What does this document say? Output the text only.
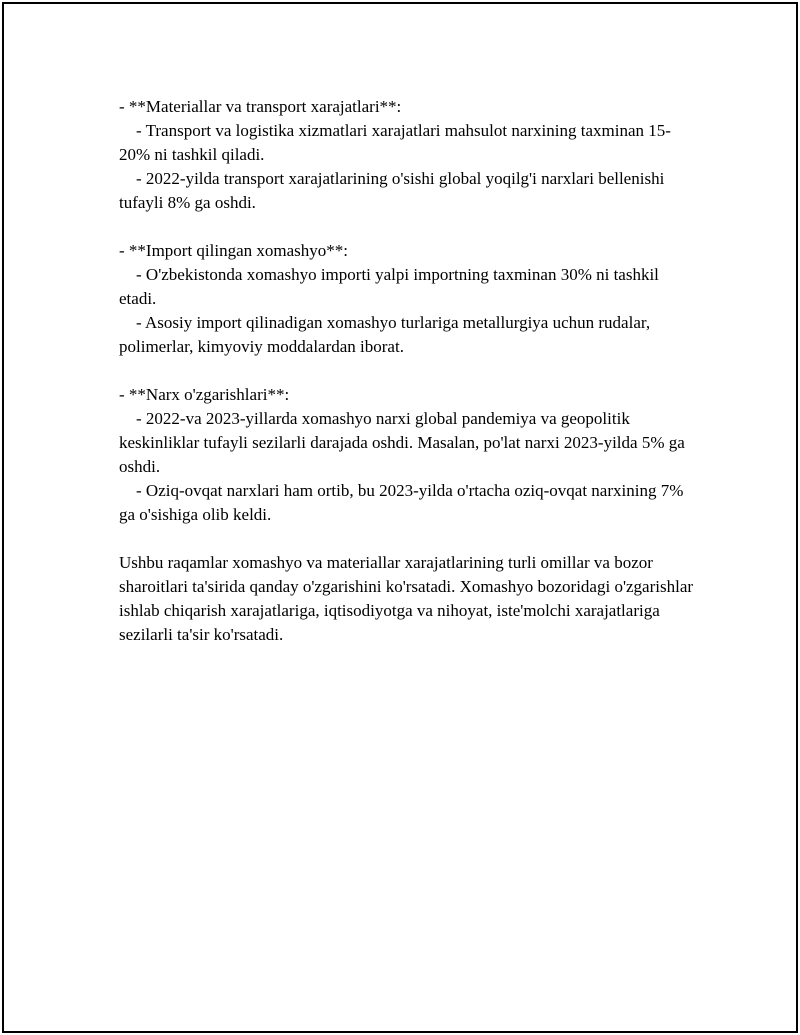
- **Materiallar va transport xarajatlari**:

- Transport va logistika xizmatlari xarajatlari mahsulot narxining taxminan 15-20% ni tashkil qiladi.

- 2022-yilda transport xarajatlarining o'sishi global yoqilg'i narxlari bellenishi tufayli 8% ga oshdi.

- **Import qilingan xomashyo**:

- O'zbekistonda xomashyo importi yalpi importning taxminan 30% ni tashkil etadi.

- Asosiy import qilinadigan xomashyo turlariga metallurgiya uchun rudalar, polimerlar, kimyoviy moddalardan iborat.

- **Narx o'zgarishlari**:

- 2022-va 2023-yillarda xomashyo narxi global pandemiya va geopolitik keskinliklar tufayli sezilarli darajada oshdi. Masalan, po'lat narxi 2023-yilda 5% ga oshdi.

- Oziq-ovqat narxlari ham ortib, bu 2023-yilda o'rtacha oziq-ovqat narxining 7% ga o'sishiga olib keldi.

Ushbu raqamlar xomashyo va materiallar xarajatlarining turli omillar va bozor sharoitlari ta'sirida qanday o'zgarishini ko'rsatadi. Xomashyo bozoridagi o'zgarishlar ishlab chiqarish xarajatlariga, iqtisodiyotga va nihoyat, iste'molchi xarajatlariga sezilarli ta'sir ko'rsatadi.
